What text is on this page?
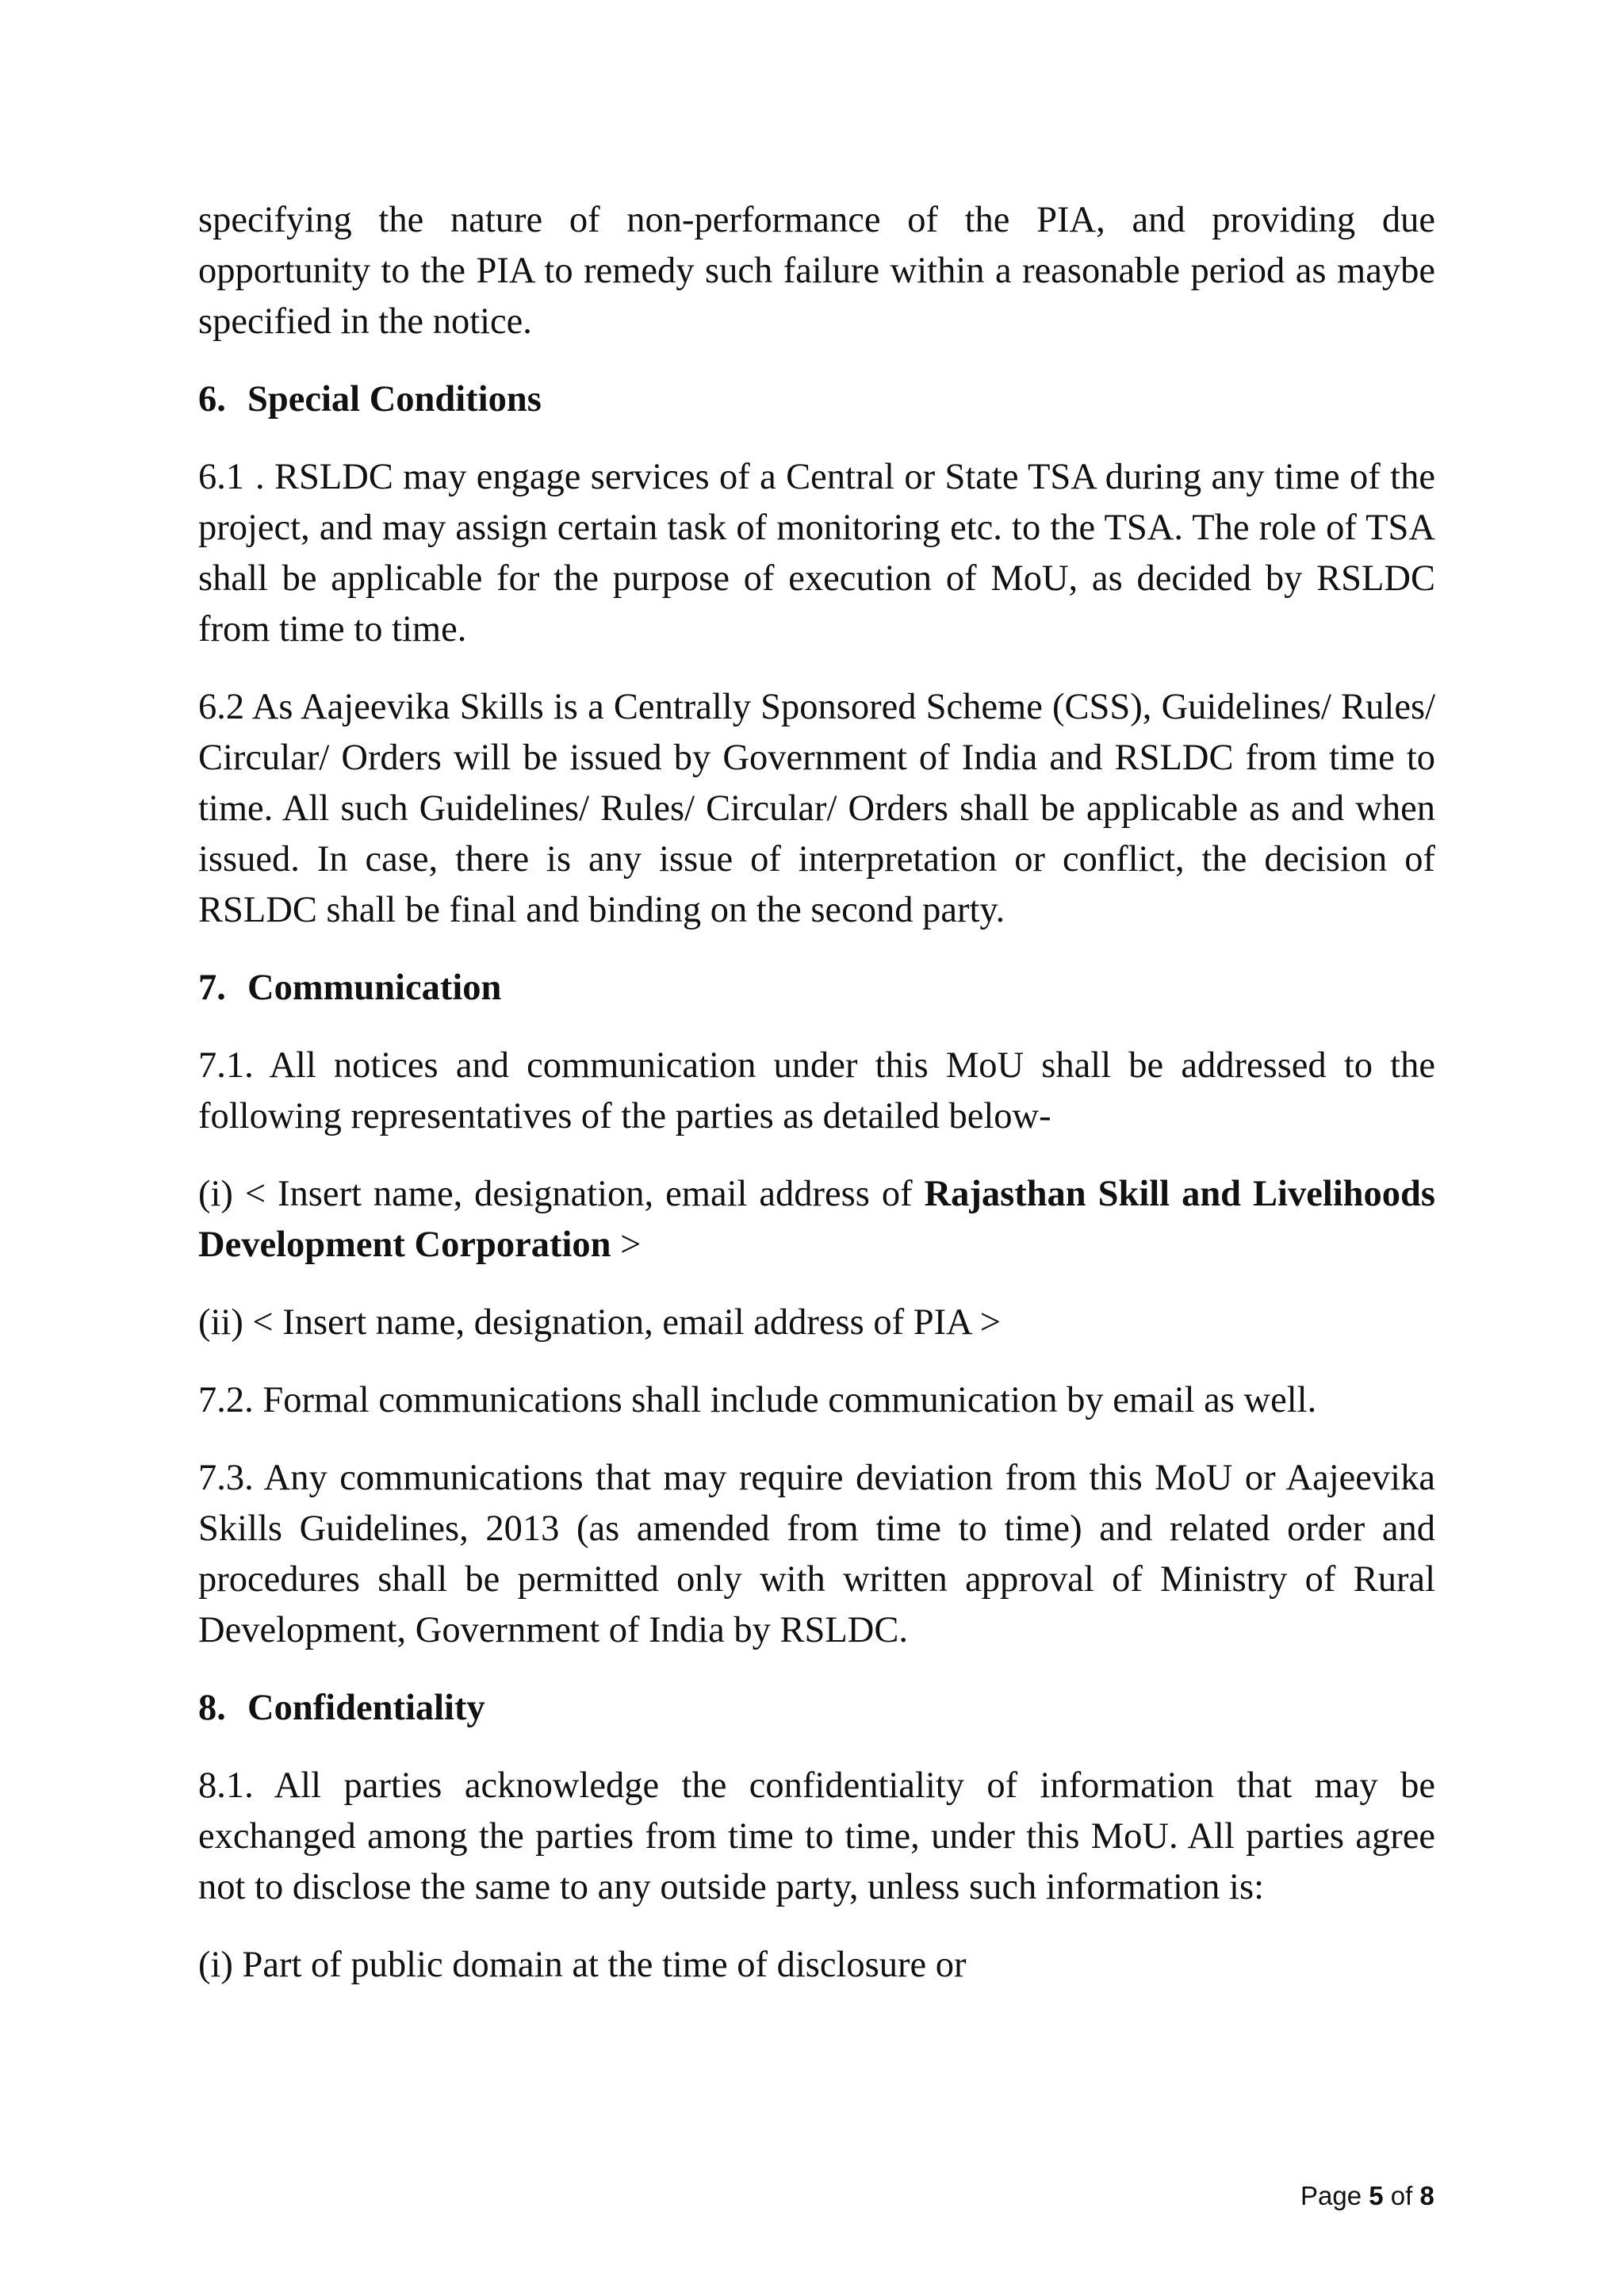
specifying the nature of non-performance of the PIA, and providing due opportunity to the PIA to remedy such failure within a reasonable period as maybe specified in the notice.

6. Special Conditions

6.1 . RSLDC may engage services of a Central or State TSA during any time of the project, and may assign certain task of monitoring etc. to the TSA. The role of TSA shall be applicable for the purpose of execution of MoU, as decided by RSLDC from time to time.

6.2 As Aajeevika Skills is a Centrally Sponsored Scheme (CSS), Guidelines/ Rules/ Circular/ Orders will be issued by Government of India and RSLDC from time to time. All such Guidelines/ Rules/ Circular/ Orders shall be applicable as and when issued. In case, there is any issue of interpretation or conflict, the decision of RSLDC shall be final and binding on the second party.

7. Communication

7.1. All notices and communication under this MoU shall be addressed to the following representatives of the parties as detailed below-

(i) < Insert name, designation, email address of Rajasthan Skill and Livelihoods Development Corporation >

(ii) < Insert name, designation, email address of PIA >

7.2. Formal communications shall include communication by email as well.

7.3. Any communications that may require deviation from this MoU or Aajeevika Skills Guidelines, 2013 (as amended from time to time) and related order and procedures shall be permitted only with written approval of Ministry of Rural Development, Government of India by RSLDC.

8. Confidentiality

8.1. All parties acknowledge the confidentiality of information that may be exchanged among the parties from time to time, under this MoU. All parties agree not to disclose the same to any outside party, unless such information is:

(i) Part of public domain at the time of disclosure or

Page 5 of 8
